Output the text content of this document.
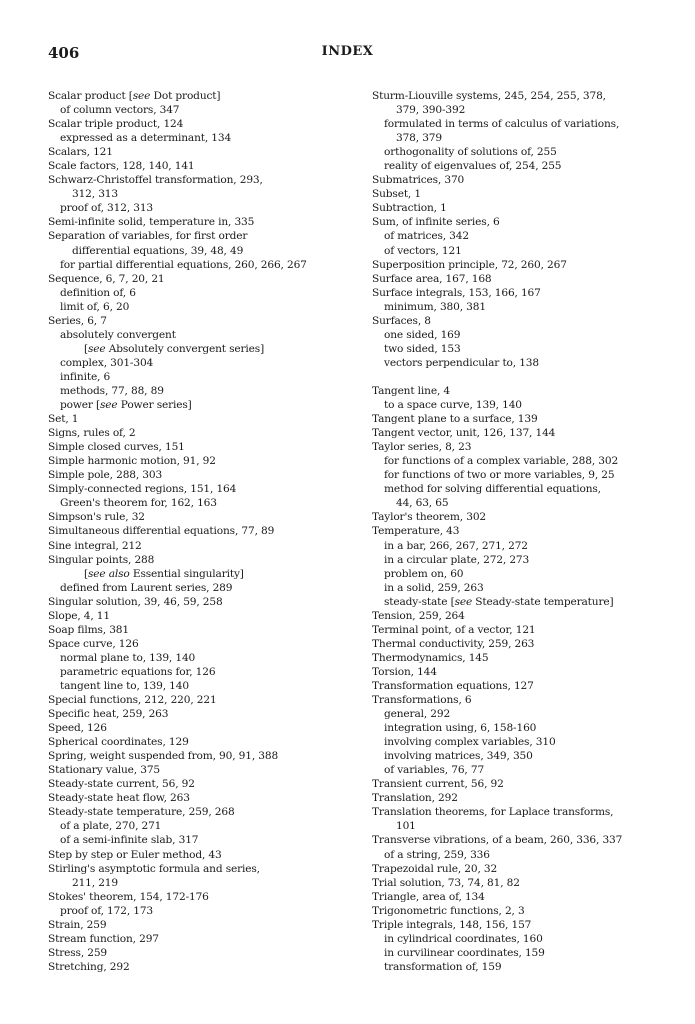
406	INDEX
Scalar product [see Dot product]
of column vectors, 347
Scalar triple product, 124
expressed as a determinant, 134
Scalars, 121
Scale factors, 128, 140, 141
Schwarz-Christoffel transformation, 293,
312, 313
proof of, 312, 313
Semi-infinite solid, temperature in, 335
Separation of variables, for first order
differential equations, 39, 48, 49
for partial differential equations, 260, 266, 267
Sequence, 6, 7, 20, 21
definition of, 6
limit of, 6, 20
Series, 6, 7
absolutely convergent
[see Absolutely convergent series]
complex, 301-304
infinite, 6
methods, 77, 88, 89
power [see Power series]
Set, 1
Signs, rules of, 2
Simple closed curves, 151
Simple harmonic motion, 91, 92
Simple pole, 288, 303
Simply-connected regions, 151, 164
Green's theorem for, 162, 163
Simpson's rule, 32
Simultaneous differential equations, 77, 89
Sine integral, 212
Singular points, 288
[see also Essential singularity]
defined from Laurent series, 289
Singular solution, 39, 46, 59, 258
Slope, 4, 11
Soap films, 381
Space curve, 126
normal plane to, 139, 140
parametric equations for, 126
tangent line to, 139, 140
Special functions, 212, 220, 221
Specific heat, 259, 263
Speed, 126
Spherical coordinates, 129
Spring, weight suspended from, 90, 91, 388
Stationary value, 375
Steady-state current, 56, 92
Steady-state heat flow, 263
Steady-state temperature, 259, 268
of a plate, 270, 271
of a semi-infinite slab, 317
Step by step or Euler method, 43
Stirling's asymptotic formula and series,
211, 219
Stokes' theorem, 154, 172-176
proof of, 172, 173
Strain, 259
Stream function, 297
Stress, 259
Stretching, 292
Sturm-Liouville systems, 245, 254, 255, 378,
379, 390-392
formulated in terms of calculus of variations,
378, 379
orthogonality of solutions of, 255
reality of eigenvalues of, 254, 255
Submatrices, 370
Subset, 1
Subtraction, 1
Sum, of infinite series, 6
of matrices, 342
of vectors, 121
Superposition principle, 72, 260, 267
Surface area, 167, 168
Surface integrals, 153, 166, 167
minimum, 380, 381
Surfaces, 8
one sided, 169
two sided, 153
vectors perpendicular to, 138
Tangent line, 4
to a space curve, 139, 140
Tangent plane to a surface, 139
Tangent vector, unit, 126, 137, 144
Taylor series, 8, 23
for functions of a complex variable, 288, 302
for functions of two or more variables, 9, 25
method for solving differential equations,
44, 63, 65
Taylor's theorem, 302
Temperature, 43
in a bar, 266, 267, 271, 272
in a circular plate, 272, 273
problem on, 60
in a solid, 259, 263
steady-state [see Steady-state temperature]
Tension, 259, 264
Terminal point, of a vector, 121
Thermal conductivity, 259, 263
Thermodynamics, 145
Torsion, 144
Transformation equations, 127
Transformations, 6
general, 292
integration using, 6, 158-160
involving complex variables, 310
involving matrices, 349, 350
of variables, 76, 77
Transient current, 56, 92
Translation, 292
Translation theorems, for Laplace transforms,
101
Transverse vibrations, of a beam, 260, 336, 337
of a string, 259, 336
Trapezoidal rule, 20, 32
Trial solution, 73, 74, 81, 82
Triangle, area of, 134
Trigonometric functions, 2, 3
Triple integrals, 148, 156, 157
in cylindrical coordinates, 160
in curvilinear coordinates, 159
transformation of, 159
